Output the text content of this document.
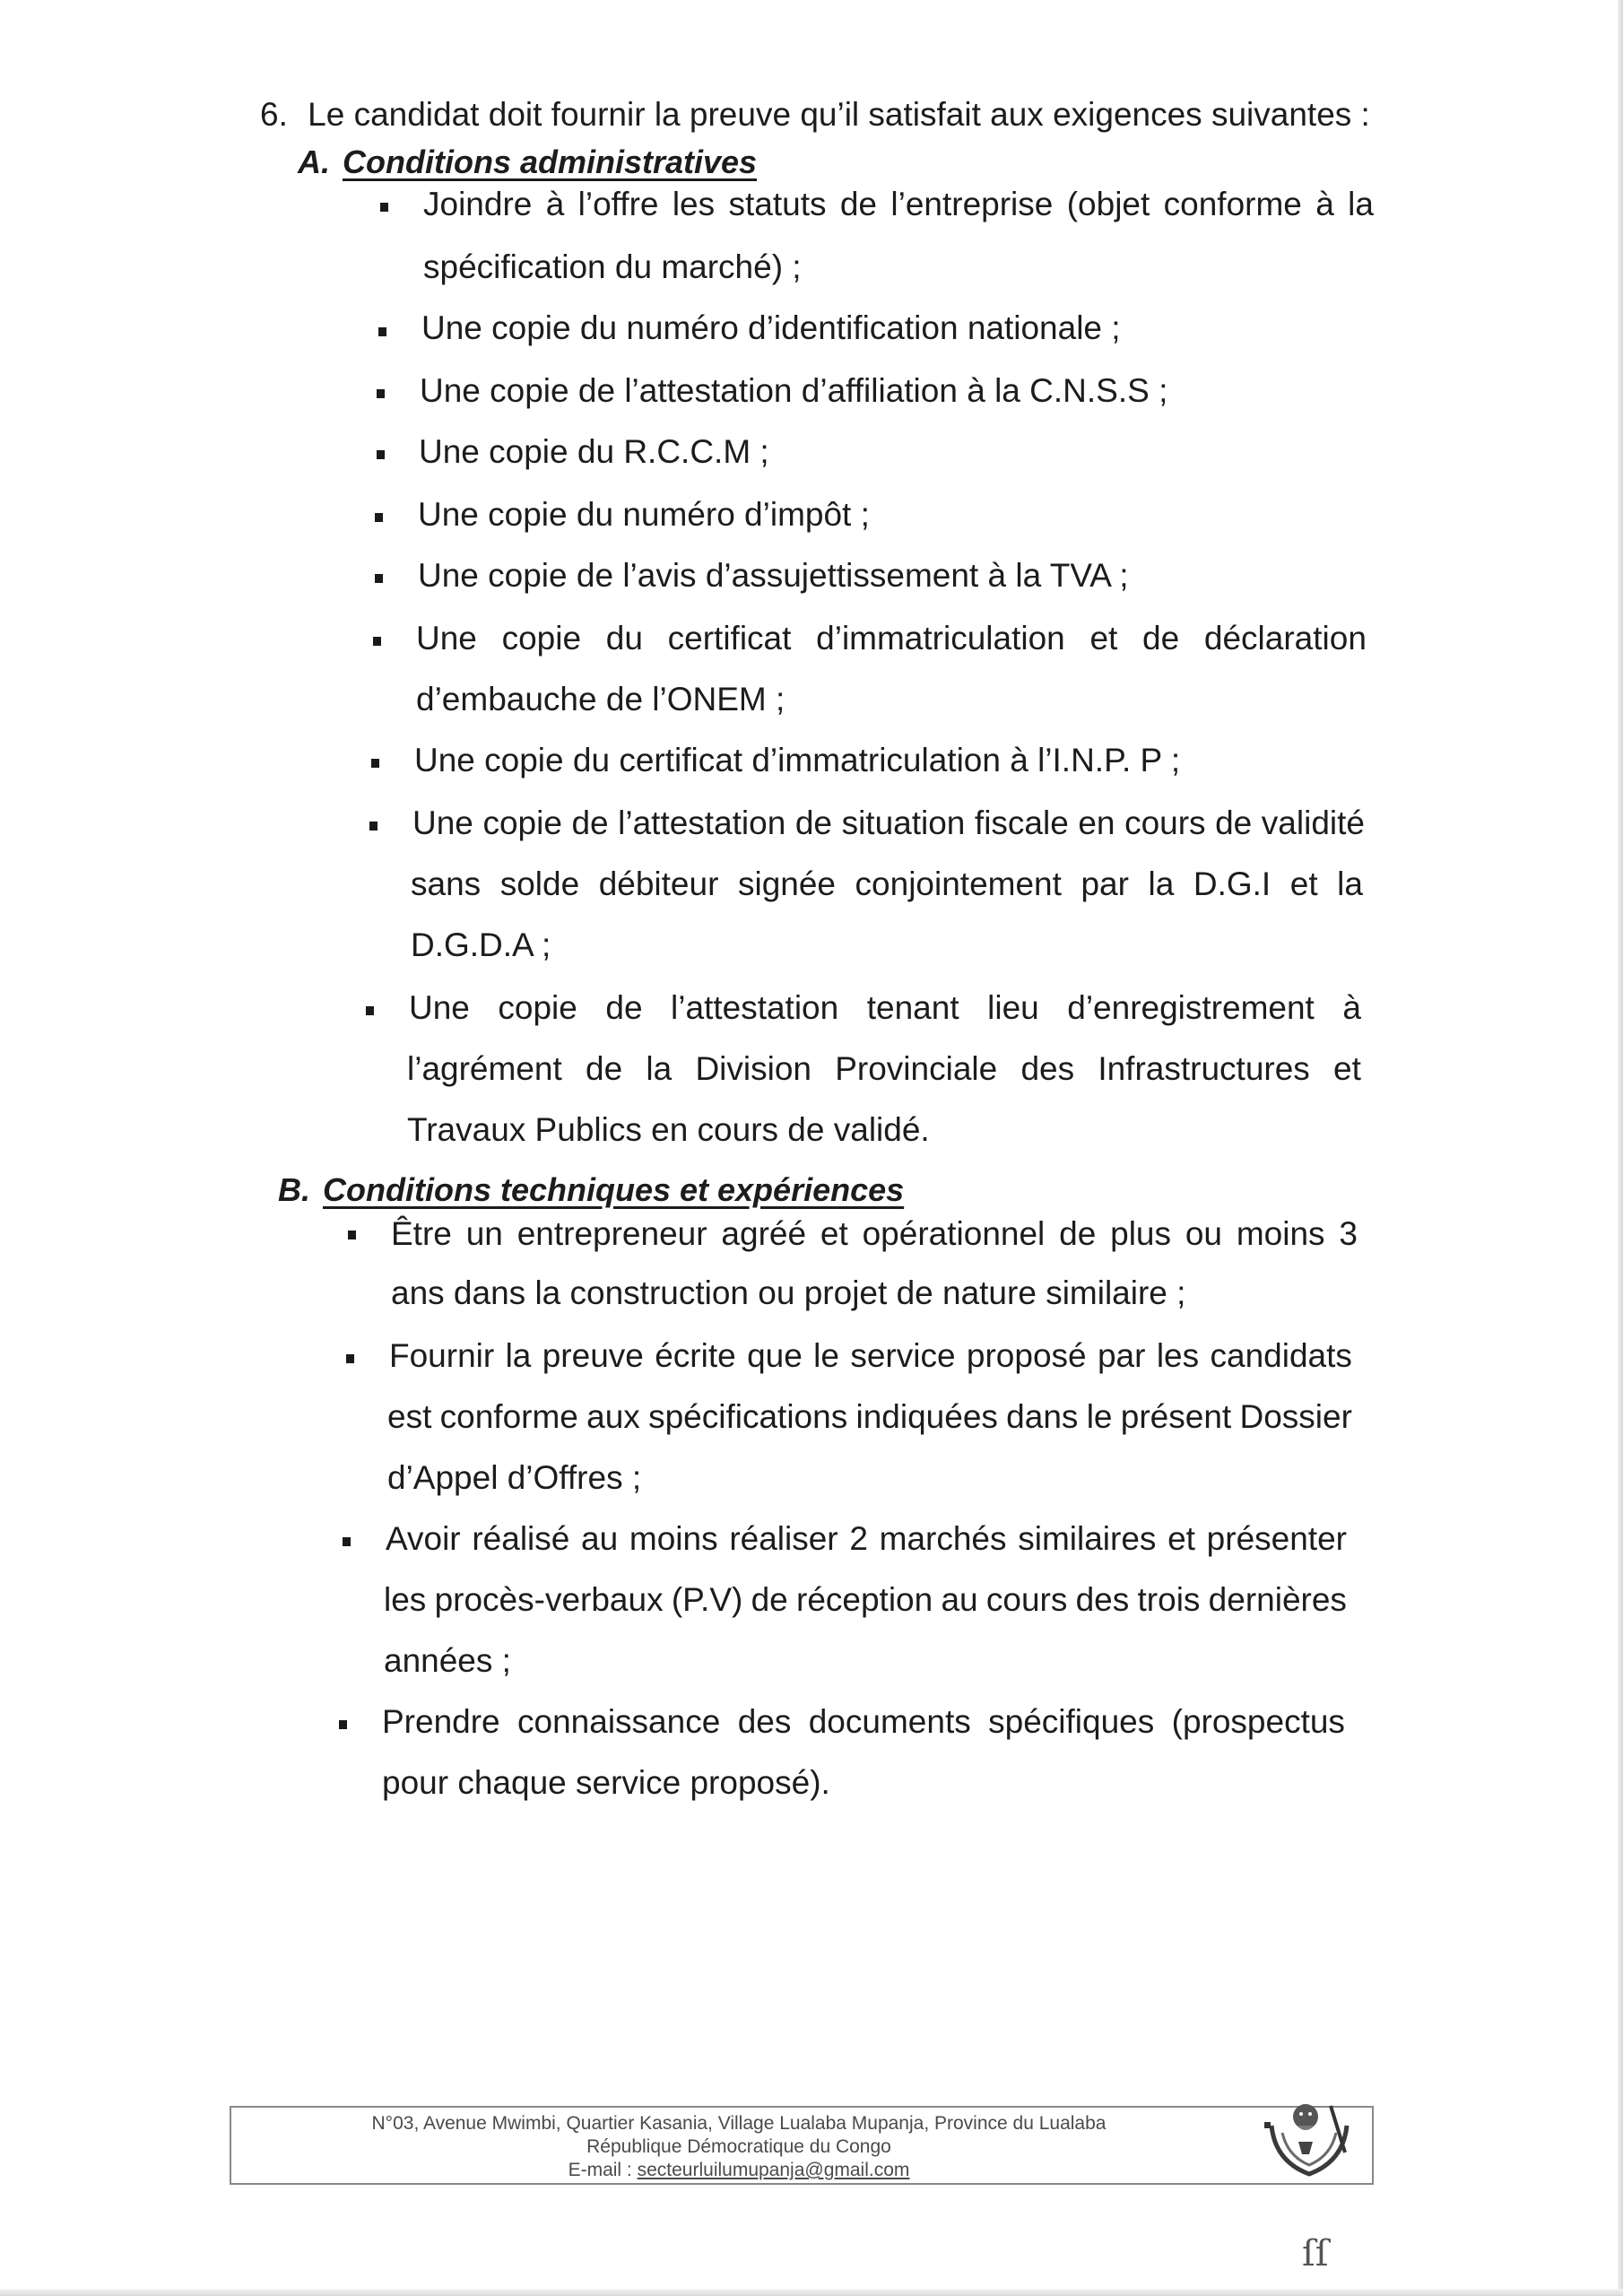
6. Le candidat doit fournir la preuve qu’il satisfait aux exigences suivantes :
A. Conditions administratives
Joindre à l’offre les statuts de l’entreprise (objet conforme à la
spécification du marché) ;
Une copie du numéro d’identification nationale ;
Une copie de l’attestation d’affiliation à la C.N.S.S ;
Une copie du R.C.C.M ;
Une copie du numéro d’impôt ;
Une copie de l’avis d’assujettissement à la TVA ;
Une copie du certificat d’immatriculation et de déclaration
d’embauche de l’ONEM ;
Une copie du certificat d’immatriculation à l’I.N.P. P ;
Une copie de l’attestation de situation fiscale en cours de validité
sans solde débiteur signée conjointement par la D.G.I et la
D.G.D.A ;
Une copie de l’attestation tenant lieu d’enregistrement à
l’agrément de la Division Provinciale des Infrastructures et
Travaux Publics en cours de validé.
B. Conditions techniques et expériences
Être un entrepreneur agréé et opérationnel de plus ou moins 3
ans dans la construction ou projet de nature similaire ;
Fournir la preuve écrite que le service proposé par les candidats
est conforme aux spécifications indiquées dans le présent Dossier
d’Appel d’Offres ;
Avoir réalisé au moins réaliser 2 marchés similaires et présenter
les procès-verbaux (P.V) de réception au cours des trois dernières
années ;
Prendre connaissance des documents spécifiques (prospectus
pour chaque service proposé).
N°03, Avenue Mwimbi, Quartier Kasania, Village Lualaba Mupanja, Province du Lualaba
République Démocratique du Congo
E-mail : secteurluilumupanja@gmail.com
ſſ
